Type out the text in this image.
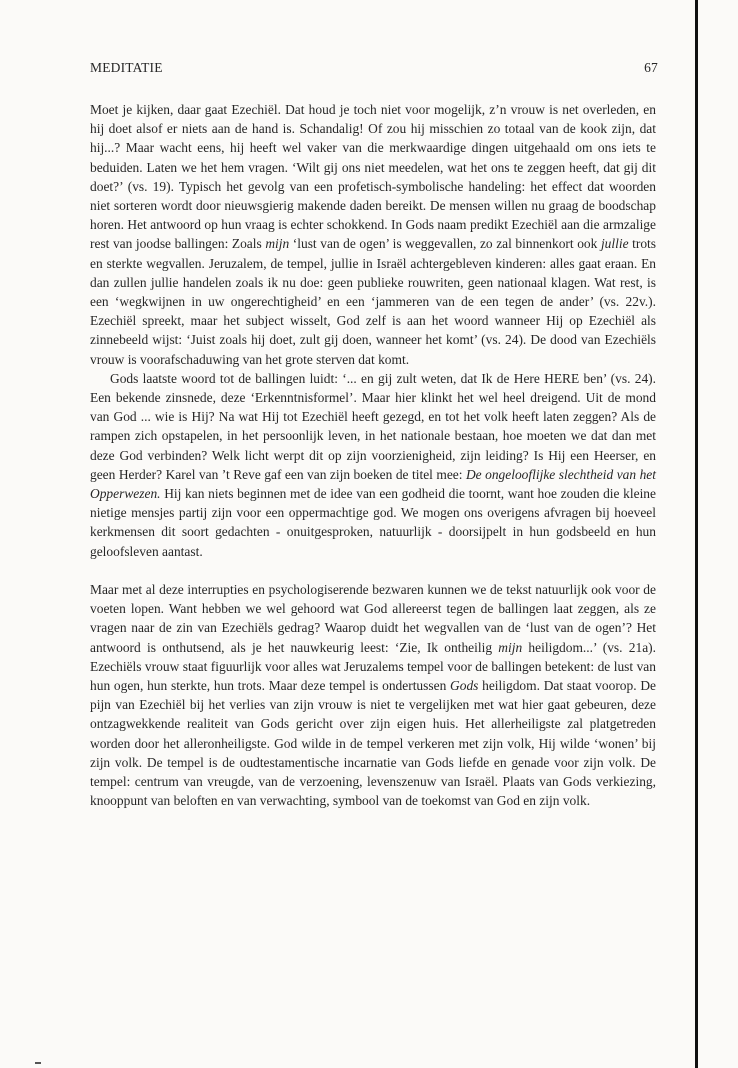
MEDITATIE	67

Moet je kijken, daar gaat Ezechiël. Dat houd je toch niet voor mogelijk, z’n vrouw is net overleden, en hij doet alsof er niets aan de hand is. Schandalig! Of zou hij misschien zo totaal van de kook zijn, dat hij...? Maar wacht eens, hij heeft wel vaker van die merkwaardige dingen uitgehaald om ons iets te beduiden. Laten we het hem vragen. ‘Wilt gij ons niet meedelen, wat het ons te zeggen heeft, dat gij dit doet?’ (vs. 19). Typisch het gevolg van een profetisch-symbolische handeling: het effect dat woorden niet sorteren wordt door nieuwsgierig makende daden bereikt. De mensen willen nu graag de boodschap horen. Het antwoord op hun vraag is echter schokkend. In Gods naam predikt Ezechiël aan die armzalige rest van joodse ballingen: Zoals mijn ‘lust van de ogen’ is weggevallen, zo zal binnenkort ook jullie trots en sterkte wegvallen. Jeruzalem, de tempel, jullie in Israël achtergebleven kinderen: alles gaat eraan. En dan zullen jullie handelen zoals ik nu doe: geen publieke rouwriten, geen nationaal klagen. Wat rest, is een ‘wegkwijnen in uw ongerechtigheid’ en een ‘jammeren van de een tegen de ander’ (vs. 22v.). Ezechiël spreekt, maar het subject wisselt, God zelf is aan het woord wanneer Hij op Ezechiël als zinnebeeld wijst: ‘Juist zoals hij doet, zult gij doen, wanneer het komt’ (vs. 24). De dood van Ezechiëls vrouw is voorafschaduwing van het grote sterven dat komt.

Gods laatste woord tot de ballingen luidt: ‘... en gij zult weten, dat Ik de Here HERE ben’ (vs. 24). Een bekende zinsnede, deze ‘Erkenntnisformel’. Maar hier klinkt het wel heel dreigend. Uit de mond van God ... wie is Hij? Na wat Hij tot Ezechiël heeft gezegd, en tot het volk heeft laten zeggen? Als de rampen zich opstapelen, in het persoonlijk leven, in het nationale bestaan, hoe moeten we dat dan met deze God verbinden? Welk licht werpt dit op zijn voorzienigheid, zijn leiding? Is Hij een Heerser, en geen Herder? Karel van ’t Reve gaf een van zijn boeken de titel mee: De ongelooflijke slechtheid van het Opperwezen. Hij kan niets beginnen met de idee van een godheid die toornt, want hoe zouden die kleine nietige mensjes partij zijn voor een oppermachtige god. We mogen ons overigens afvragen bij hoeveel kerkmensen dit soort gedachten - onuitgesproken, natuurlijk - doorsijpelt in hun godsbeeld en hun geloofsleven aantast.

Maar met al deze interrupties en psychologiserende bezwaren kunnen we de tekst natuurlijk ook voor de voeten lopen. Want hebben we wel gehoord wat God allereerst tegen de ballingen laat zeggen, als ze vragen naar de zin van Ezechiëls gedrag? Waarop duidt het wegvallen van de ‘lust van de ogen’? Het antwoord is onthutsend, als je het nauwkeurig leest: ‘Zie, Ik ontheilig mijn heiligdom...’ (vs. 21a). Ezechiëls vrouw staat figuurlijk voor alles wat Jeruzalems tempel voor de ballingen betekent: de lust van hun ogen, hun sterkte, hun trots. Maar deze tempel is ondertussen Gods heiligdom. Dat staat voorop. De pijn van Ezechiël bij het verlies van zijn vrouw is niet te vergelijken met wat hier gaat gebeuren, deze ontzagwekkende realiteit van Gods gericht over zijn eigen huis. Het allerheiligste zal platgetreden worden door het alleronheiligste. God wilde in de tempel verkeren met zijn volk, Hij wilde ‘wonen’ bij zijn volk. De tempel is de oudtestamentische incarnatie van Gods liefde en genade voor zijn volk. De tempel: centrum van vreugde, van de verzoening, levenszenuw van Israël. Plaats van Gods verkiezing, knooppunt van beloften en van verwachting, symbool van de toekomst van God en zijn volk.
